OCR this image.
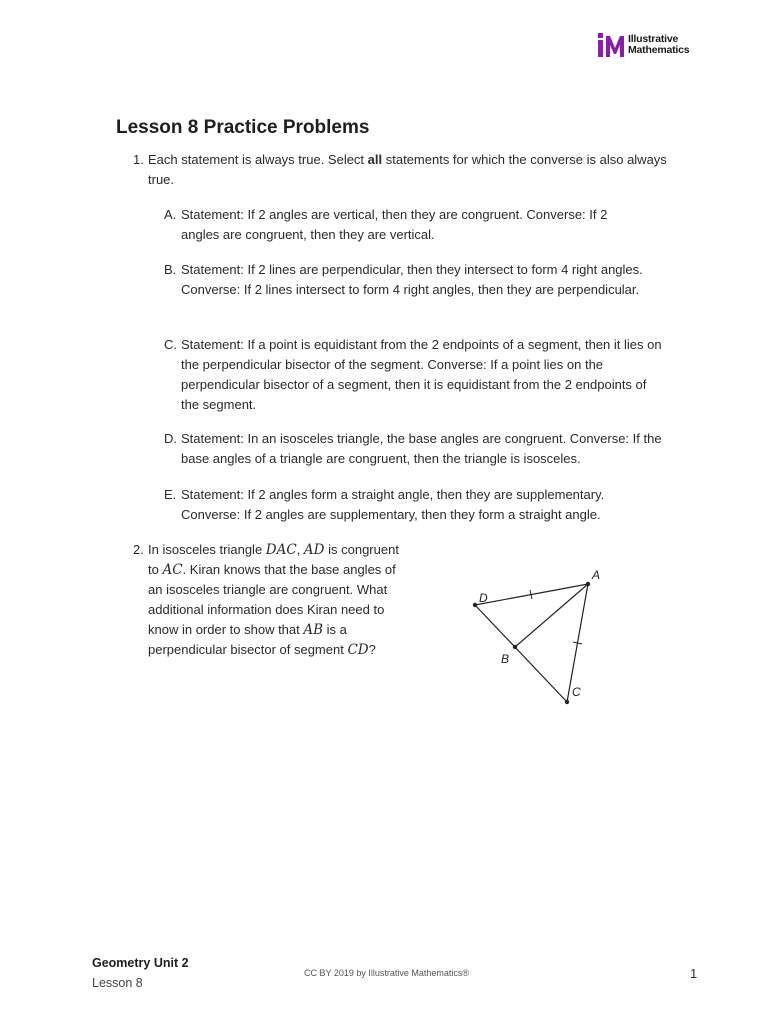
Illustrative
Mathematics
Lesson 8 Practice Problems
1. Each statement is always true. Select all statements for which the converse is also always true.
A. Statement: If 2 angles are vertical, then they are congruent. Converse: If 2 angles are congruent, then they are vertical.
B. Statement: If 2 lines are perpendicular, then they intersect to form 4 right angles. Converse: If 2 lines intersect to form 4 right angles, then they are perpendicular.
C. Statement: If a point is equidistant from the 2 endpoints of a segment, then it lies on the perpendicular bisector of the segment. Converse: If a point lies on the perpendicular bisector of a segment, then it is equidistant from the 2 endpoints of the segment.
D. Statement: In an isosceles triangle, the base angles are congruent. Converse: If the base angles of a triangle are congruent, then the triangle is isosceles.
E. Statement: If 2 angles form a straight angle, then they are supplementary. Converse: If 2 angles are supplementary, then they form a straight angle.
2. In isosceles triangle DAC, AD is congruent to AC. Kiran knows that the base angles of an isosceles triangle are congruent. What additional information does Kiran need to know in order to show that AB is a perpendicular bisector of segment CD?
A
D
B
C
Geometry Unit 2
Lesson 8
CC BY 2019 by Illustrative Mathematics®	1
